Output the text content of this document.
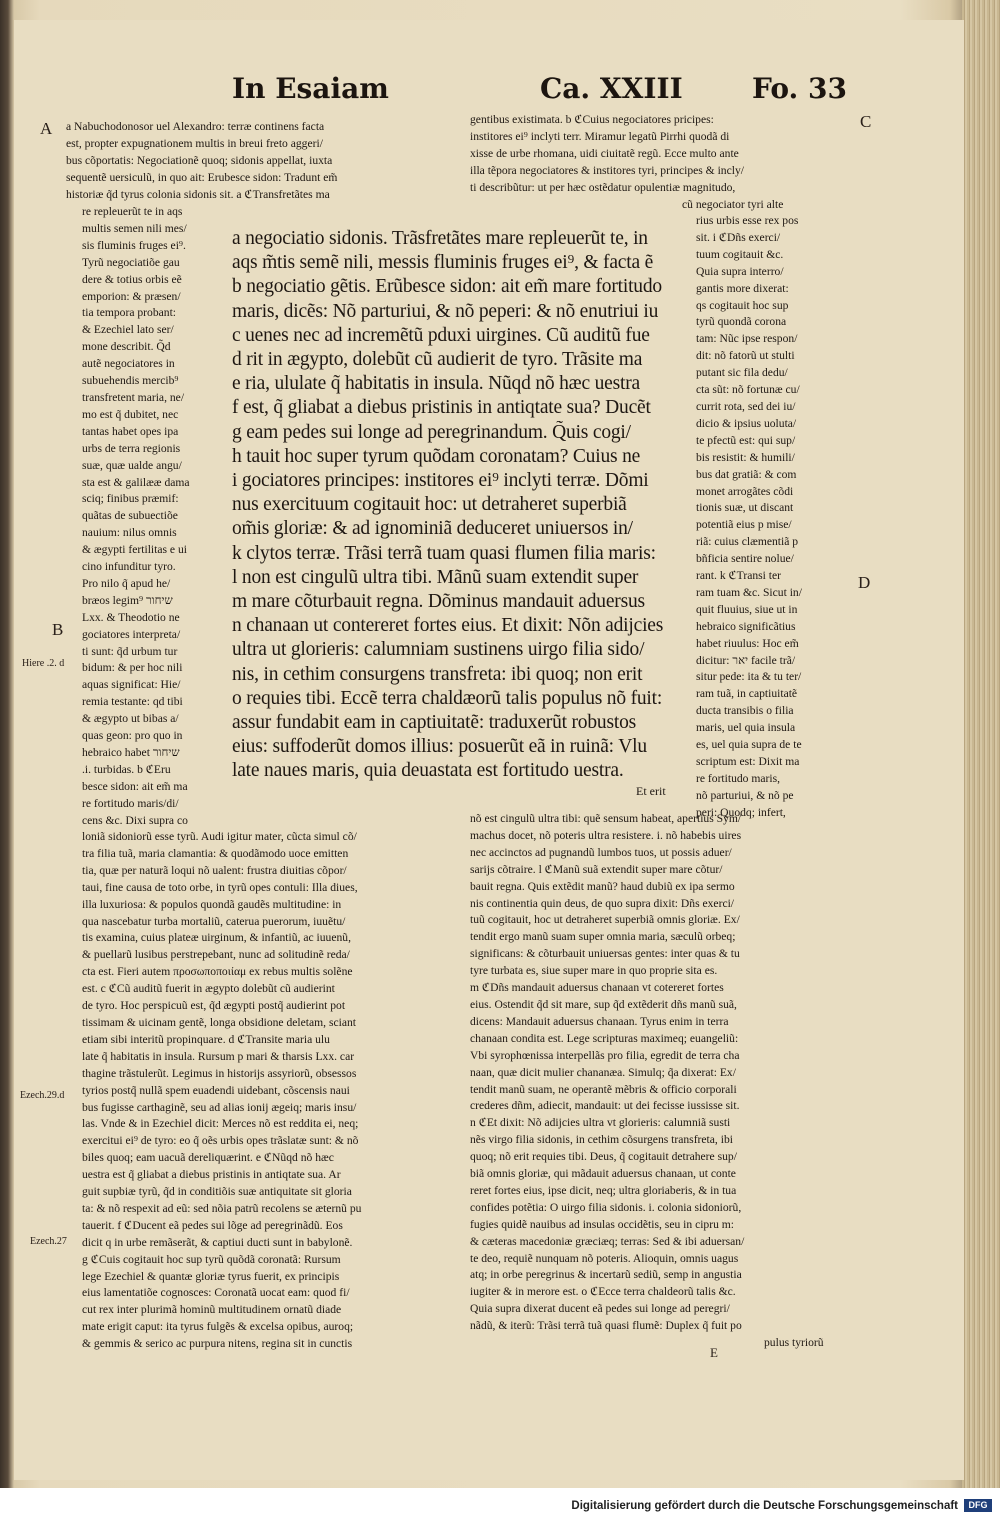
In Esaiam	Ca. XXIII Fo. 33
A
B
C
D
E
Hiere .2. d
Ezech.29.d
Ezech.27
a Nabuchodonosor uel Alexandro: terræ continens facta
est, propter expugnationem multis in breui freto aggeri/
bus cõportatis: Negociationẽ quoq; sidonis appellat, iuxta
sequentẽ uersiculũ, in quo ait: Erubesce sidon: Tradunt em̃
historiæ q̃d tyrus colonia sidonis sit. a ℭTransfretãtes ma
re repleuerũt te in aqs
multis semen nili mes/
sis fluminis fruges ei⁹.
Tyrũ negociatiõe gau
dere & totius orbis eẽ
emporion: & præsen/
tia tempora probant:
& Ezechiel lato ser/
mone describit. Q̃d
autẽ negociatores in
subuehendis mercib⁹
transfretent maria, ne/
mo est q̃ dubitet, nec
tantas habet opes ipa
urbs de terra regionis
suæ, quæ ualde angu/
sta est & galilææ dama
sciq; finibus præmif:
quãtas de subuectiõe
nauium: nilus omnis
& ægypti fertilitas e ui
cino infunditur tyro.
Pro nilo q̃ apud he/
bræos legim⁹ שיחור
Lxx. & Theodotio ne
gociatores interpreta/
ti sunt: q̃d urbum tur
bidum: & per hoc nili
aquas significat: Hie/
remia testante: qd tibi
& ægypto ut bibas a/
quas geon: pro quo in
hebraico habet שיחור
.i. turbidas. b ℭEru
besce sidon: ait em̃ ma
re fortitudo maris/di/
cens &c. Dixi supra co
loniã sidoniorũ esse tyrũ. Audi igitur mater, cũcta simul cõ/
tra filia tuã, maria clamantia: & quodãmodo uoce emitten
tia, quæ per naturã loqui nõ ualent: frustra diuitias cõpor/
taui, fine causa de toto orbe, in tyrũ opes contuli: Illa diues,
illa luxuriosa: & populos quondã gaudẽs multitudine: in
qua nascebatur turba mortaliũ, caterua puerorum, iuuẽtu/
tis examina, cuius plateæ uirginum, & infantiũ, ac iuuenũ,
& puellarũ lusibus perstrepebant, nunc ad solitudinẽ reda/
cta est. Fieri autem προσωποποιίαμ ex rebus multis solẽne
est. c ℭCũ auditũ fuerit in ægypto dolebũt cũ audierint
de tyro. Hoc perspicuũ est, q̃d ægypti postq̃ audierint pot
tissimam & uicinam gentẽ, longa obsidione deletam, sciant
etiam sibi interitũ propinquare. d ℭTransite maria ulu
late q̃ habitatis in insula. Rursum p mari & tharsis Lxx. car
thagine trãstulerũt. Legimus in historijs assyriorũ, obsessos
tyrios postq̃ nullã spem euadendi uidebant, cõscensis naui
bus fugisse carthaginẽ, seu ad alias ionij ægeiq; maris insu/
las. Vnde & in Ezechiel dicit: Merces nõ est reddita ei, neq;
exercitui ei⁹ de tyro: eo q̃ oẽs urbis opes trãslatæ sunt: & nõ
biles quoq; eam uacuã dereliquærint. e ℭNũqd nõ hæc
uestra est q̃ gliabat a diebus pristinis in antiqtate sua. Ar
guit supbiæ tyrũ, q̃d in conditiõis suæ antiquitate sit gloria
ta: & nõ respexit ad eũ: sed nõia patrũ recolens se æternũ pu
tauerit. f ℭDucent eã pedes sui lõge ad peregrinãdũ. Eos
dicit q in urbe remãserãt, & captiui ducti sunt in babylonẽ.
g ℭCuis cogitauit hoc sup tyrũ quõdã coronatã: Rursum
lege Ezechiel & quantæ gloriæ tyrus fuerit, ex principis
eius lamentatiõe cognosces: Coronatã uocat eam: quod fi/
cut rex inter plurimã hominũ multitudinem ornatũ diade
mate erigit caput: ita tyrus fulgẽs & excelsa opibus, auroq;
& gemmis & serico ac purpura nitens, regina sit in cunctis
gentibus existimata. b ℭCuius negociatores pricipes:
institores ei⁹ inclyti terr. Miramur legatũ Pirrhi quodã di
xisse de urbe rhomana, uidi ciuitatẽ regũ. Ecce multo ante
illa tẽpora negociatores & institores tyri, principes & incly/
ti describũtur: ut per hæc ostẽdatur opulentiæ magnitudo,
cũ negociator tyri alte
rius urbis esse rex pos
sit. i ℭDñs exerci/
tuum cogitauit &c.
Quia supra interro/
gantis more dixerat:
qs cogitauit hoc sup
tyrũ quondã corona
tam: Nũc ipse respon/
dit: nõ fatorũ ut stulti
putant sic fila dedu/
cta sũt: nõ fortunæ cu/
currit rota, sed dei iu/
dicio & ipsius uoluta/
te pfectũ est: qui sup/
bis resistit: & humili/
bus dat gratiã: & com
monet arrogãtes cõdi
tionis suæ, ut discant
potentiã eius p mise/
riã: cuius clæmentiã p
bñficia sentire nolue/
rant. k ℭTransi ter
ram tuam &c. Sicut in/
quit fluuius, siue ut in
hebraico significãtius
habet riuulus: Hoc em̃
dicitur: יאר facile trã/
situr pede: ita & tu ter/
ram tuã, in captiuitatẽ
ducta transibis o filia
maris, uel quia insula
es, uel quia supra de te
scriptum est: Dixit ma
re fortitudo maris,
nõ parturiui, & nõ pe
peri: Quodq; infert,
a negociatio sidonis. Trãsfretãtes mare repleuerũt te, in
aqs m̃tis semẽ nili, messis fluminis fruges ei⁹, & facta ẽ
b negociatio gẽtis. Erũbesce sidon: ait em̃ mare fortitudo
maris, dicẽs: Nõ parturiui, & nõ peperi: & nõ enutriui iu
c uenes nec ad incremẽtũ pduxi uirgines. Cũ auditũ fue
d rit in ægypto, dolebũt cũ audierit de tyro. Trãsite ma
e ria, ululate q̃ habitatis in insula. Nũqd nõ hæc uestra
f est, q̃ gliabat a diebus pristinis in antiqtate sua? Ducẽt
g eam pedes sui longe ad peregrinandum. Q̃uis cogi/
h tauit hoc super tyrum quõdam coronatam? Cuius ne
i gociatores principes: institores ei⁹ inclyti terræ. Dõmi
nus exercituum cogitauit hoc: ut detraheret superbiã
om̃is gloriæ: & ad ignominiã deduceret uniuersos in/
k clytos terræ. Trãsi terrã tuam quasi flumen filia maris:
l non est cingulũ ultra tibi. Mãnũ suam extendit super
m mare cõturbauit regna. Dõminus mandauit aduersus
n chanaan ut contereret fortes eius. Et dixit: Nõn adijcies
ultra ut glorieris: calumniam sustinens uirgo filia sido/
nis, in cethim consurgens transfreta: ibi quoq; non erit
o requies tibi. Eccẽ terra chaldæorũ talis populus nõ fuit:
assur fundabit eam in captiuitatẽ: traduxerũt robustos
eius: suffoderũt domos illius: posuerũt eã in ruinã: Vlu
late naues maris, quia deuastata est fortitudo uestra.
Et erit
nõ est cingulũ ultra tibi: quẽ sensum habeat, apertius Sym/
machus docet, nõ poteris ultra resistere. i. nõ habebis uires
nec accinctos ad pugnandũ lumbos tuos, ut possis aduer/
sarijs cõtraire. l ℭManũ suã extendit super mare cõtur/
bauit regna. Quis extẽdit manũ? haud dubiũ ex ipa sermo
nis continentia quin deus, de quo supra dixit: Dñs exerci/
tuũ cogitauit, hoc ut detraheret superbiã omnis gloriæ. Ex/
tendit ergo manũ suam super omnia maria, sæculũ orbeq;
significans: & cõturbauit uniuersas gentes: inter quas & tu
tyre turbata es, siue super mare in quo proprie sita es.
m ℭDñs mandauit aduersus chanaan vt cotereret fortes
eius. Ostendit q̃d sit mare, sup q̃d extẽderit dñs manũ suã,
dicens: Mandauit aduersus chanaan. Tyrus enim in terra
chanaan condita est. Lege scripturas maximeq; euangeliũ:
Vbi syrophœnissa interpellãs pro filia, egredit de terra cha
naan, quæ dicit mulier chananæa. Simulq; q̃a dixerat: Ex/
tendit manũ suam, ne operantẽ mẽbris & officio corporali
crederes dñm, adiecit, mandauit: ut dei fecisse iussisse sit.
n ℭEt dixit: Nõ adijcies ultra vt glorieris: calumniã susti
nẽs virgo filia sidonis, in cethim cõsurgens transfreta, ibi
quoq; nõ erit requies tibi. Deus, q̃ cogitauit detrahere sup/
biã omnis gloriæ, qui mãdauit aduersus chanaan, ut conte
reret fortes eius, ipse dicit, neq; ultra gloriaberis, & in tua
confides potẽtia: O uirgo filia sidonis. i. colonia sidoniorũ,
fugies quidẽ nauibus ad insulas occidẽtis, seu in cipru m:
& cæteras macedoniæ græciæq; terras: Sed & ibi aduersan/
te deo, requiẽ nunquam nõ poteris. Alioquin, omnis uagus
atq; in orbe peregrinus & incertarũ sediũ, semp in angustia
iugiter & in merore est. o ℭEcce terra chaldeorũ talis &c.
Quia supra dixerat ducent eã pedes sui longe ad peregri/
nãdũ, & iterũ: Trãsi terrã tuã quasi flumẽ: Duplex q̃ fuit po
pulus tyriorũ
Digitalisierung gefördert durch die Deutsche Forschungsgemeinschaft	DFG
